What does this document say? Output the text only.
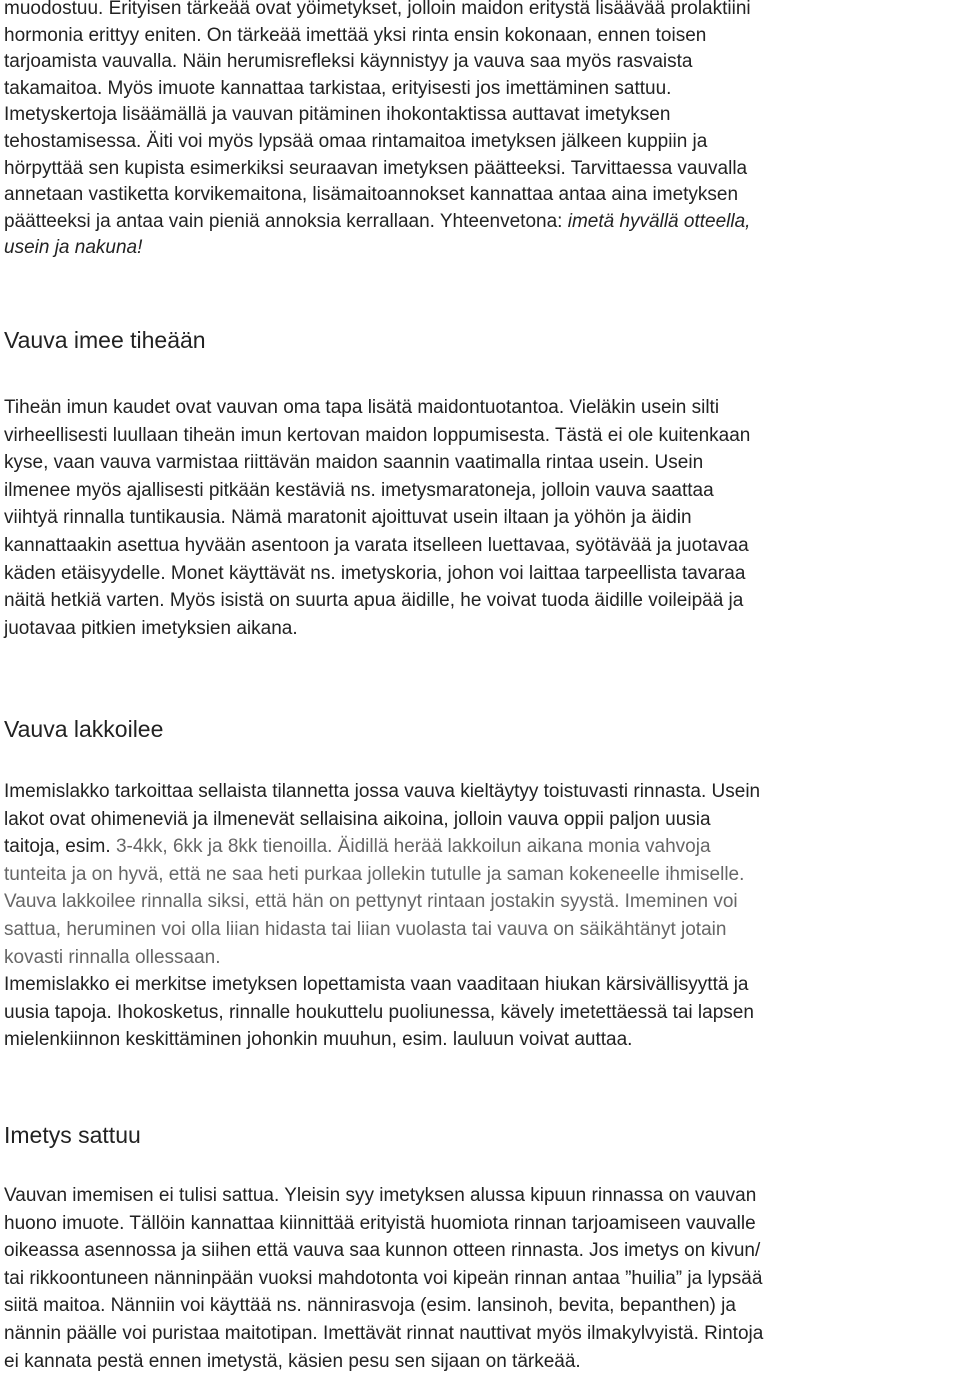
muodostuu. Erityisen tärkeää ovat yöimetykset, jolloin maidon eritystä lisäävää prolaktiini

hormonia erittyy eniten. On tärkeää imettää yksi rinta ensin kokonaan, ennen toisen

tarjoamista vauvalla. Näin herumisrefleksi käynnistyy ja vauva saa myös rasvaista

takamaitoa. Myös imuote kannattaa tarkistaa, erityisesti jos imettäminen sattuu.

Imetyskertoja lisäämällä ja vauvan pitäminen ihokontaktissa auttavat imetyksen

tehostamisessa. Äiti voi myös lypsää omaa rintamaitoa imetyksen jälkeen kuppiin ja

hörpyttää sen kupista esimerkiksi seuraavan imetyksen päätteeksi. Tarvittaessa vauvalla

annetaan vastiketta korvikemaitona, lisämaitoannokset kannattaa antaa aina imetyksen

päätteeksi ja antaa vain pieniä annoksia kerrallaan. Yhteenvetona: imetä hyvällä otteella,

usein ja nakuna!

Vauva imee tiheään

Tiheän imun kaudet ovat vauvan oma tapa lisätä maidontuotantoa. Vieläkin usein silti

virheellisesti luullaan tiheän imun kertovan maidon loppumisesta. Tästä ei ole kuitenkaan

kyse, vaan vauva varmistaa riittävän maidon saannin vaatimalla rintaa usein. Usein

ilmenee myös ajallisesti pitkään kestäviä ns. imetysmaratoneja, jolloin vauva saattaa

viihtyä rinnalla tuntikausia. Nämä maratonit ajoittuvat usein iltaan ja yöhön ja äidin

kannattaakin asettua hyvään asentoon ja varata itselleen luettavaa, syötävää ja juotavaa

käden etäisyydelle. Monet käyttävät ns. imetyskoria, johon voi laittaa tarpeellista tavaraa

näitä hetkiä varten. Myös isistä on suurta apua äidille, he voivat tuoda äidille voileipää ja

juotavaa pitkien imetyksien aikana.

Vauva lakkoilee

Imemislakko tarkoittaa sellaista tilannetta jossa vauva kieltäytyy toistuvasti rinnasta. Usein

lakot ovat ohimeneviä ja ilmenevät sellaisina aikoina, jolloin vauva oppii paljon uusia

taitoja, esim. 3-4kk, 6kk ja 8kk tienoilla. Äidillä herää lakkoilun aikana monia vahvoja

tunteita ja on hyvä, että ne saa heti purkaa jollekin tutulle ja saman kokeneelle ihmiselle.

Vauva lakkoilee rinnalla siksi, että hän on pettynyt rintaan jostakin syystä. Imeminen voi

sattua, heruminen voi olla liian hidasta tai liian vuolasta tai vauva on säikähtänyt jotain

kovasti rinnalla ollessaan.

Imemislakko ei merkitse imetyksen lopettamista vaan vaaditaan hiukan kärsivällisyyttä ja

uusia tapoja. Ihokosketus, rinnalle houkuttelu puoliunessa, kävely imetettäessä tai lapsen

mielenkiinnon keskittäminen johonkin muuhun, esim. lauluun voivat auttaa.

Imetys sattuu

Vauvan imemisen ei tulisi sattua. Yleisin syy imetyksen alussa kipuun rinnassa on vauvan

huono imuote. Tällöin kannattaa kiinnittää erityistä huomiota rinnan tarjoamiseen vauvalle

oikeassa asennossa ja siihen että vauva saa kunnon otteen rinnasta. Jos imetys on kivun/

tai rikkoontuneen nänninpään vuoksi mahdotonta voi kipeän rinnan antaa ”huilia” ja lypsää

siitä maitoa. Nänniin voi käyttää ns. nännirasvoja (esim. lansinoh, bevita, bepanthen) ja

nännin päälle voi puristaa maitotipan. Imettävät rinnat nauttivat myös ilmakylvyistä. Rintoja

ei kannata pestä ennen imetystä, käsien pesu sen sijaan on tärkeää.
